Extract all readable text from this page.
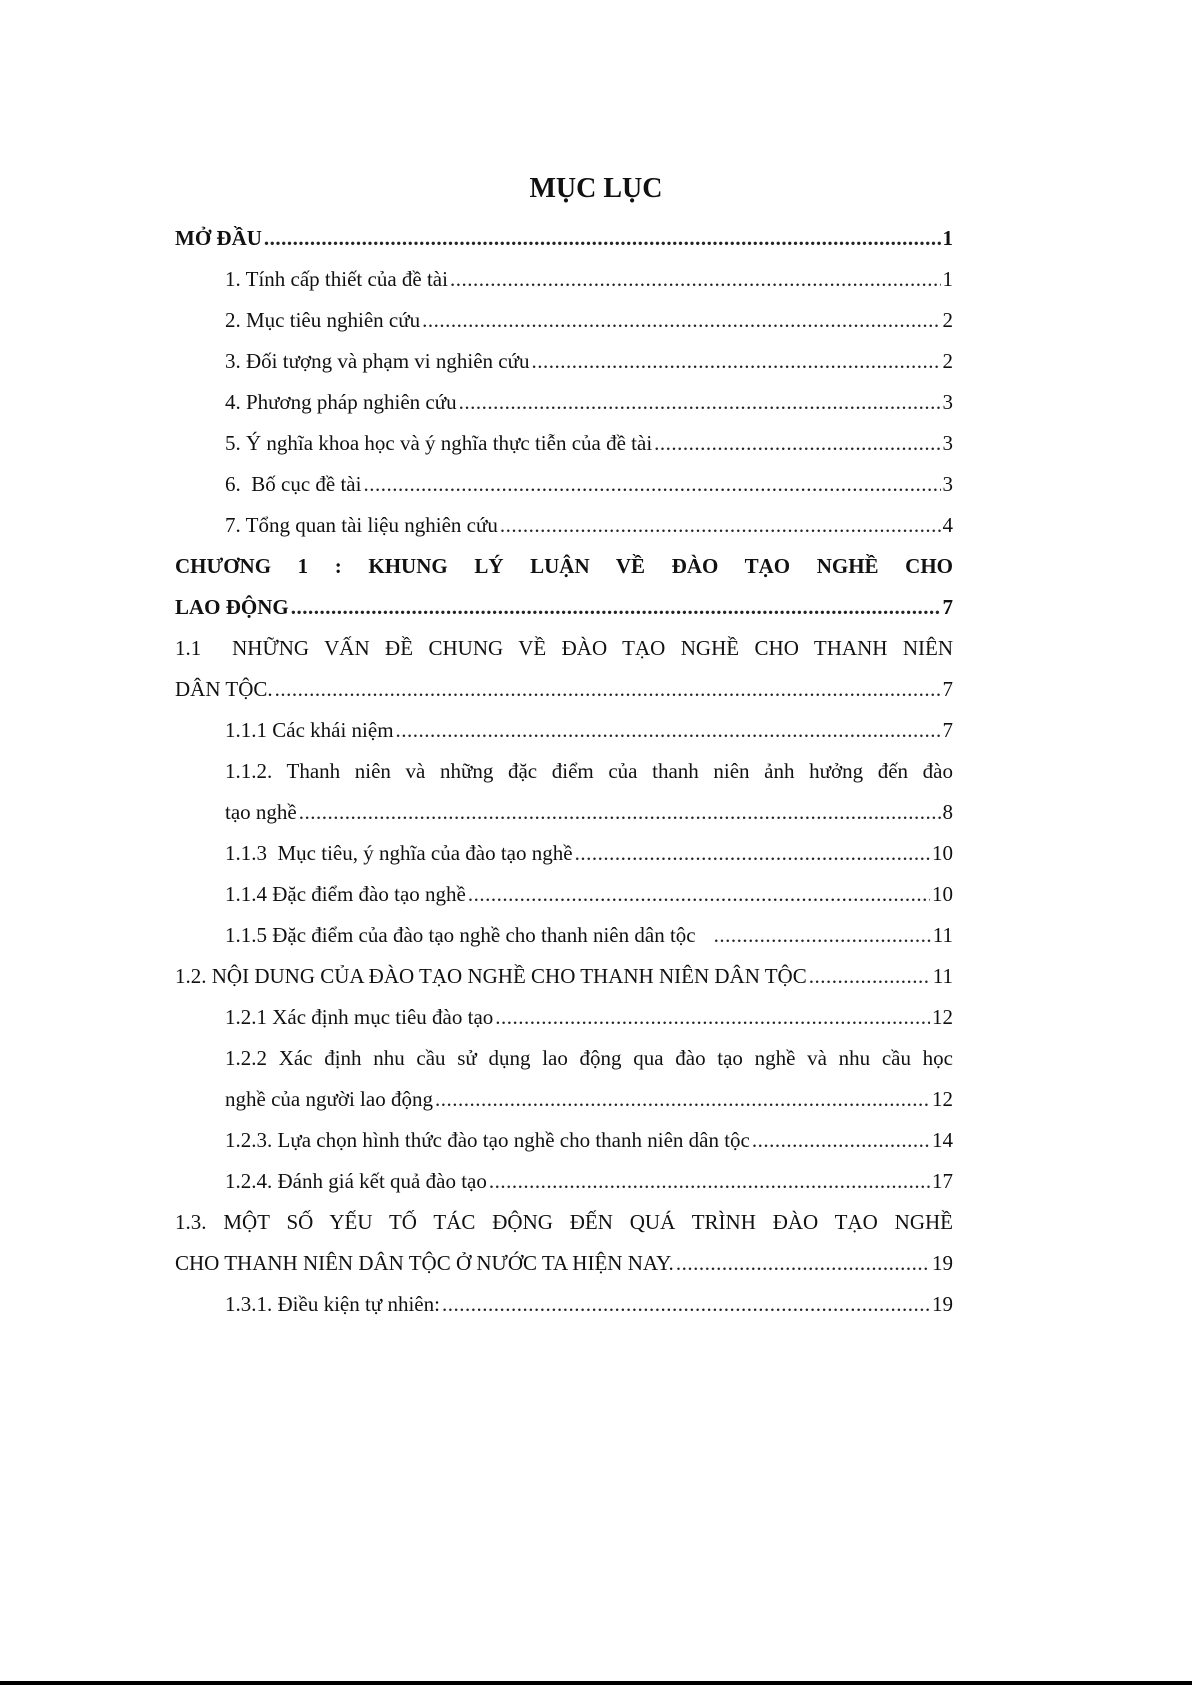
MỤC LỤC
MỞ ĐẦU .....	1
1. Tính cấp thiết của đề tài .....	1
2. Mục tiêu nghiên cứu .....	2
3. Đối tượng và phạm vi nghiên cứu .....	2
4. Phương pháp nghiên cứu .....	3
5. Ý nghĩa khoa học và ý nghĩa thực tiễn của đề tài .....	3
6.  Bố cục đề tài .....	3
7. Tổng quan tài liệu nghiên cứu .....	4
CHƯƠNG 1 : KHUNG LÝ LUẬN VỀ ĐÀO TẠO NGHỀ CHO
LAO ĐỘNG .....	7
1.1  NHỮNG VẤN ĐỀ CHUNG VỀ ĐÀO TẠO NGHỀ CHO THANH NIÊN
DÂN TỘC. .....	7
1.1.1 Các khái niệm .....	7
1.1.2. Thanh niên và những đặc điểm của thanh niên ảnh hưởng đến đào
tạo nghề .....	8
1.1.3  Mục tiêu, ý nghĩa của đào tạo nghề .....	10
1.1.4 Đặc điểm đào tạo nghề .....	10
1.1.5 Đặc điểm của đào tạo nghề cho thanh niên dân tộc .....	11
1.2. NỘI DUNG CỦA ĐÀO TẠO NGHỀ CHO THANH NIÊN DÂN TỘC .....	11
1.2.1 Xác định mục tiêu đào tạo .....	12
1.2.2 Xác định nhu cầu sử dụng lao động qua đào tạo nghề và nhu cầu học
nghề của người lao động .....	12
1.2.3. Lựa chọn hình thức đào tạo nghề cho thanh niên dân tộc .....	14
1.2.4. Đánh giá kết quả đào tạo .....	17
1.3. MỘT SỐ YẾU TỐ TÁC ĐỘNG ĐẾN QUÁ TRÌNH ĐÀO TẠO NGHỀ
CHO THANH NIÊN DÂN TỘC Ở NƯỚC TA HIỆN NAY. .....	19
1.3.1. Điều kiện tự nhiên: .....	19
